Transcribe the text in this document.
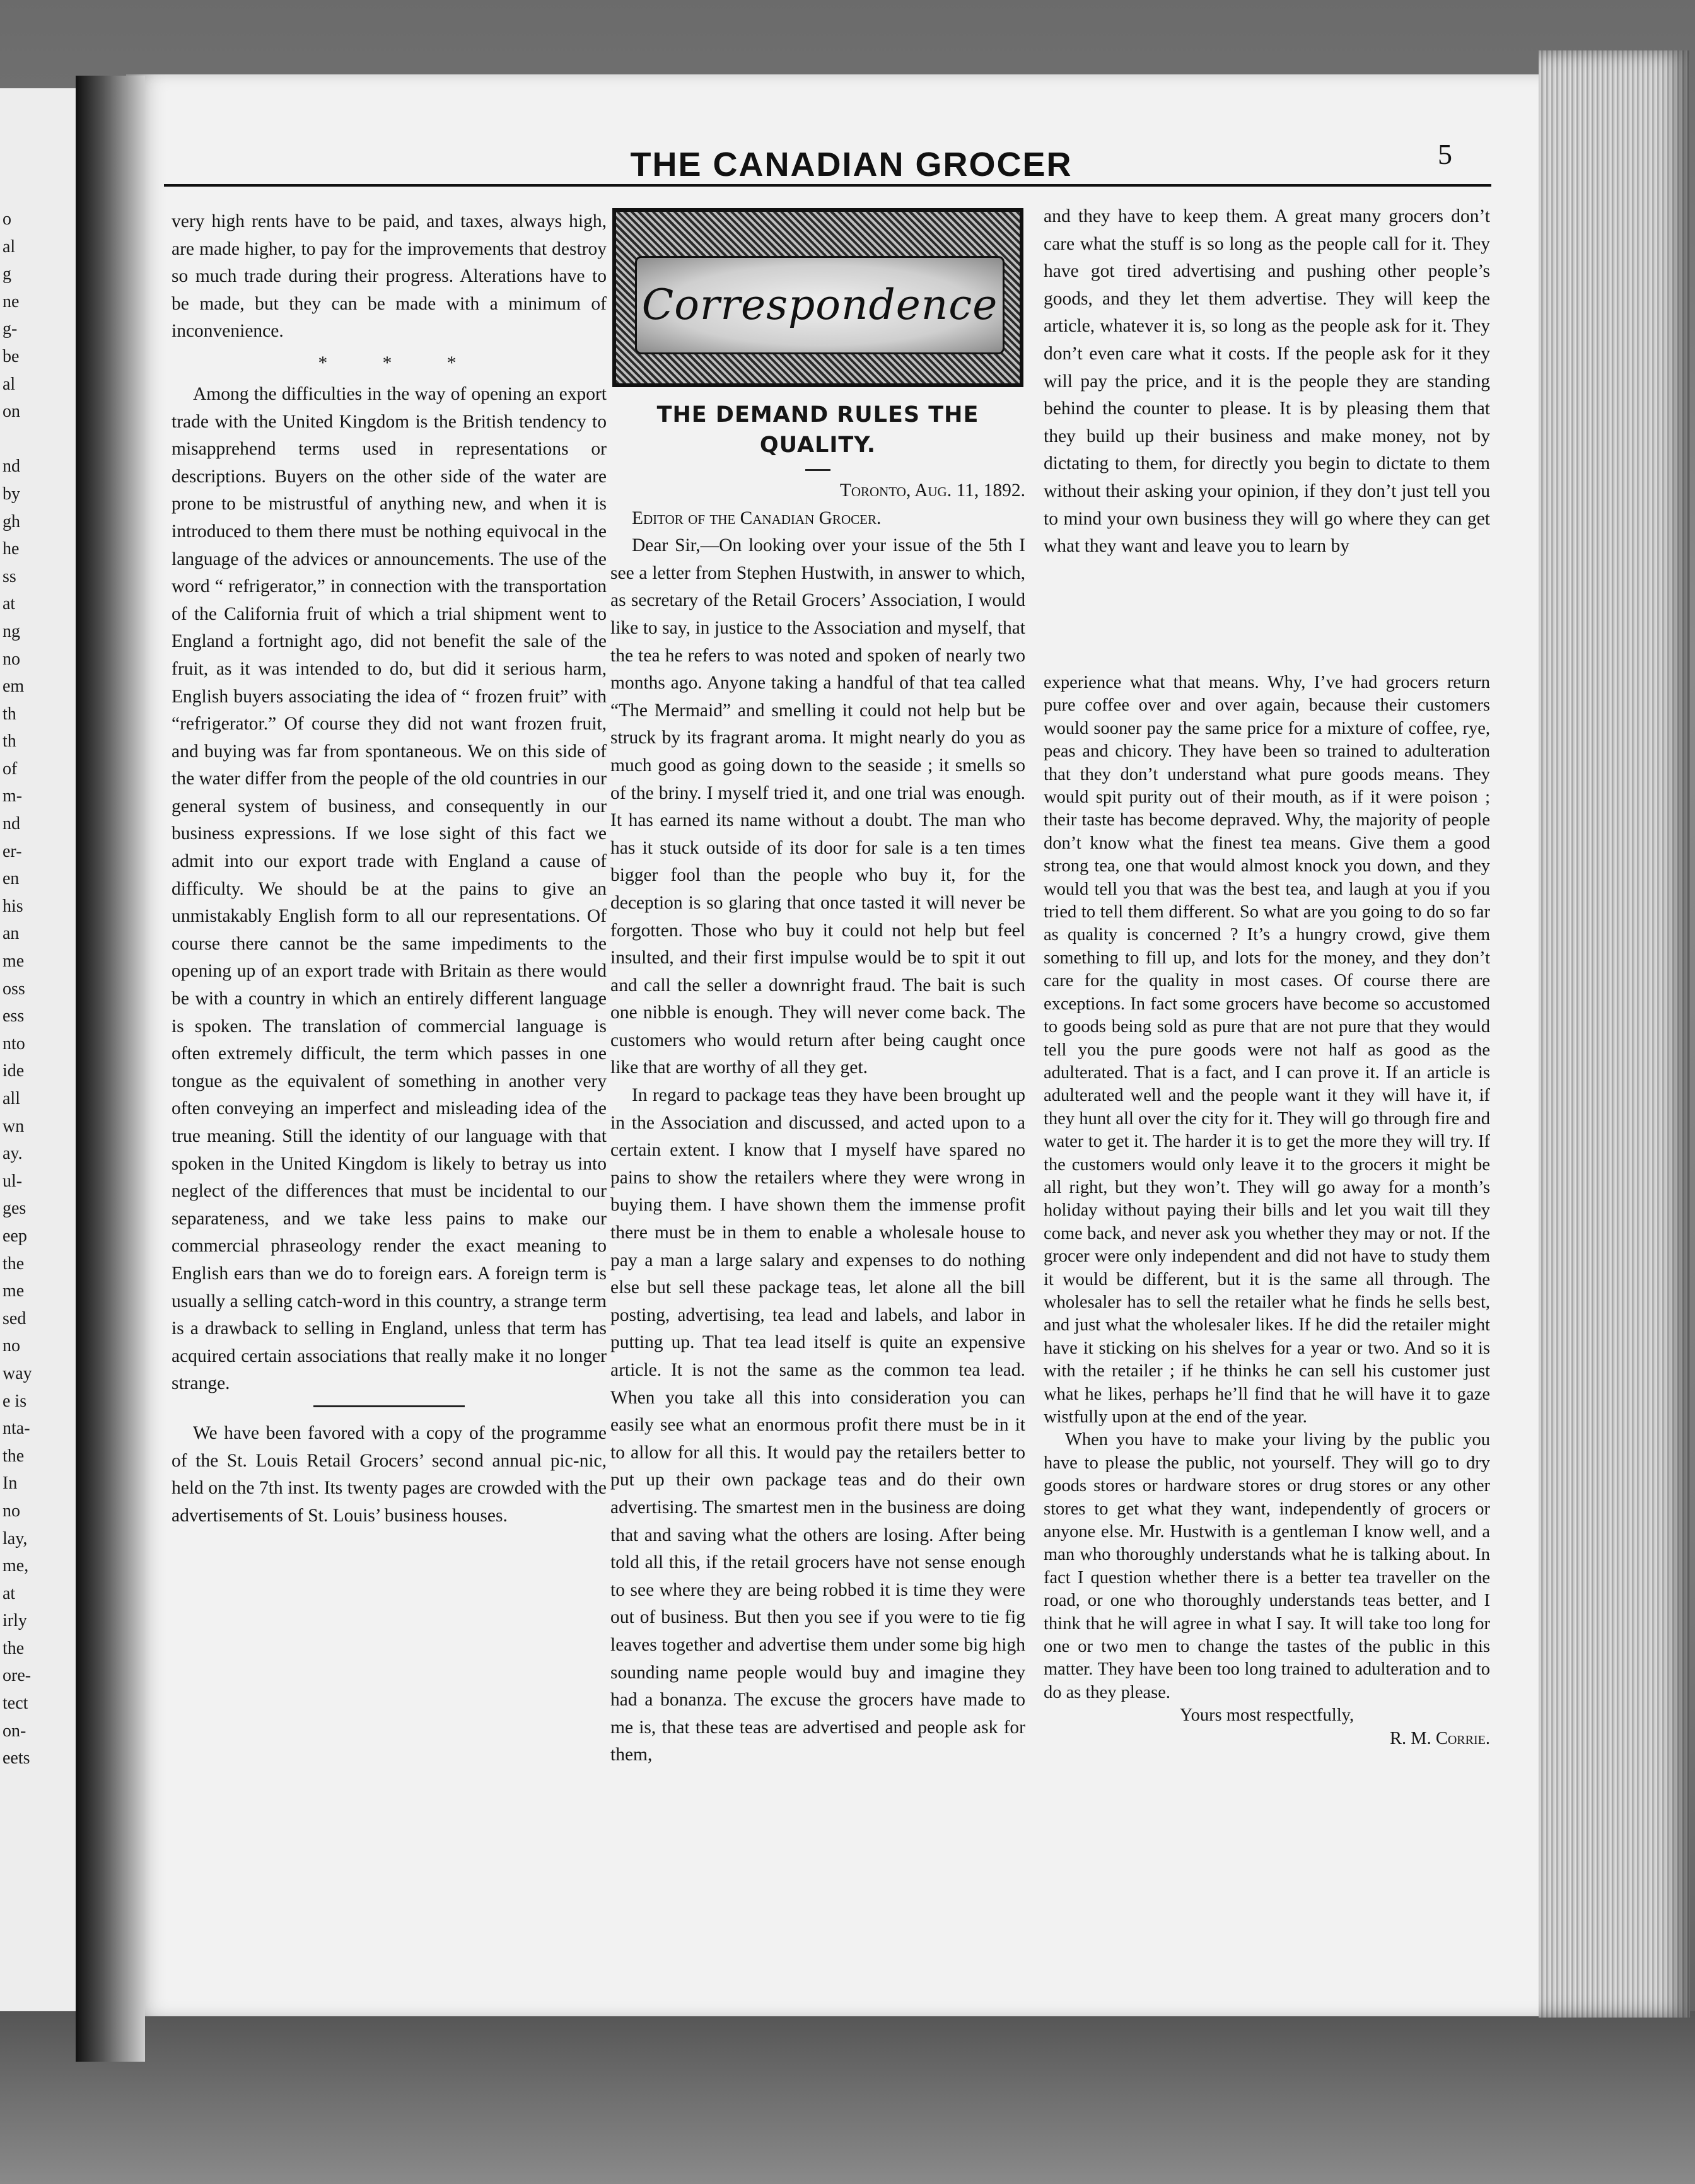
o
al
g
ne
g-
be
al
on

nd
by
gh
he
ss
at
ng
no
em
th
th
of
m-
nd
er-
en
his
an
me
oss
ess
nto
ide
all
wn
ay.
ul-
ges
eep
the
me
sed
no
way
e is
nta-
the
In
no
lay,
me,
at
irly
the
ore-
tect
on-
eets
THE CANADIAN GROCER	5

very high rents have to be paid, and taxes, always high, are made higher, to pay for the improvements that destroy so much trade during their progress. Alterations have to be made, but they can be made with a minimum of inconvenience.

* * *

Among the difficulties in the way of opening an export trade with the United Kingdom is the British tendency to misapprehend terms used in representations or descriptions. Buyers on the other side of the water are prone to be mistrustful of anything new, and when it is introduced to them there must be nothing equivocal in the language of the advices or announcements. The use of the word “ refrigerator,” in connection with the transportation of the California fruit of which a trial shipment went to England a fortnight ago, did not benefit the sale of the fruit, as it was intended to do, but did it serious harm, English buyers associating the idea of “ frozen fruit” with “refrigerator.” Of course they did not want frozen fruit, and buying was far from spontaneous. We on this side of the water differ from the people of the old countries in our general system of business, and consequently in our business expressions. If we lose sight of this fact we admit into our export trade with England a cause of difficulty. We should be at the pains to give an unmistakably English form to all our representations. Of course there cannot be the same impediments to the opening up of an export trade with Britain as there would be with a country in which an entirely different language is spoken. The translation of commercial language is often extremely difficult, the term which passes in one tongue as the equivalent of something in another very often conveying an imperfect and misleading idea of the true meaning. Still the identity of our language with that spoken in the United Kingdom is likely to betray us into neglect of the differences that must be incidental to our separateness, and we take less pains to make our commercial phraseology render the exact meaning to English ears than we do to foreign ears. A foreign term is usually a selling catch-word in this country, a strange term is a drawback to selling in England, unless that term has acquired certain associations that really make it no longer strange.

We have been favored with a copy of the programme of the St. Louis Retail Grocers’ second annual pic-nic, held on the 7th inst. Its twenty pages are crowded with the advertisements of St. Louis’ business houses.

Correspondence
THE DEMAND RULES THE
QUALITY.

Toronto, Aug. 11, 1892.

Editor of the Canadian Grocer.

Dear Sir,—On looking over your issue of the 5th I see a letter from Stephen Hustwith, in answer to which, as secretary of the Retail Grocers’ Association, I would like to say, in justice to the Association and myself, that the tea he refers to was noted and spoken of nearly two months ago. Anyone taking a handful of that tea called “The Mermaid” and smelling it could not help but be struck by its fragrant aroma. It might nearly do you as much good as going down to the seaside ; it smells so of the briny. I myself tried it, and one trial was enough. It has earned its name without a doubt. The man who has it stuck outside of its door for sale is a ten times bigger fool than the people who buy it, for the deception is so glaring that once tasted it will never be forgotten. Those who buy it could not help but feel insulted, and their first impulse would be to spit it out and call the seller a downright fraud. The bait is such one nibble is enough. They will never come back. The customers who would return after being caught once like that are worthy of all they get.

In regard to package teas they have been brought up in the Association and discussed, and acted upon to a certain extent. I know that I myself have spared no pains to show the retailers where they were wrong in buying them. I have shown them the immense profit there must be in them to enable a wholesale house to pay a man a large salary and expenses to do nothing else but sell these package teas, let alone all the bill posting, advertising, tea lead and labels, and labor in putting up. That tea lead itself is quite an expensive article. It is not the same as the common tea lead. When you take all this into consideration you can easily see what an enormous profit there must be in it to allow for all this. It would pay the retailers better to put up their own package teas and do their own advertising. The smartest men in the business are doing that and saving what the others are losing. After being told all this, if the retail grocers have not sense enough to see where they are being robbed it is time they were out of business. But then you see if you were to tie fig leaves together and advertise them under some big high sounding name people would buy and imagine they had a bonanza. The excuse the grocers have made to me is, that these teas are advertised and people ask for them,

and they have to keep them. A great many grocers don’t care what the stuff is so long as the people call for it. They have got tired advertising and pushing other people’s goods, and they let them advertise. They will keep the article, whatever it is, so long as the people ask for it. They don’t even care what it costs. If the people ask for it they will pay the price, and it is the people they are standing behind the counter to please. It is by pleasing them that they build up their business and make money, not by dictating to them, for directly you begin to dictate to them without their asking your opinion, if they don’t just tell you to mind your own business they will go where they can get what they want and leave you to learn by

experience what that means. Why, I’ve had grocers return pure coffee over and over again, because their customers would sooner pay the same price for a mixture of coffee, rye, peas and chicory. They have been so trained to adulteration that they don’t understand what pure goods means. They would spit purity out of their mouth, as if it were poison ; their taste has become depraved. Why, the majority of people don’t know what the finest tea means. Give them a good strong tea, one that would almost knock you down, and they would tell you that was the best tea, and laugh at you if you tried to tell them different. So what are you going to do so far as quality is concerned ? It’s a hungry crowd, give them something to fill up, and lots for the money, and they don’t care for the quality in most cases. Of course there are exceptions. In fact some grocers have become so accustomed to goods being sold as pure that are not pure that they would tell you the pure goods were not half as good as the adulterated. That is a fact, and I can prove it. If an article is adulterated well and the people want it they will have it, if they hunt all over the city for it. They will go through fire and water to get it. The harder it is to get the more they will try. If the customers would only leave it to the grocers it might be all right, but they won’t. They will go away for a month’s holiday without paying their bills and let you wait till they come back, and never ask you whether they may or not. If the grocer were only independent and did not have to study them it would be different, but it is the same all through. The wholesaler has to sell the retailer what he finds he sells best, and just what the wholesaler likes. If he did the retailer might have it sticking on his shelves for a year or two. And so it is with the retailer ; if he thinks he can sell his customer just what he likes, perhaps he’ll find that he will have it to gaze wistfully upon at the end of the year.

When you have to make your living by the public you have to please the public, not yourself. They will go to dry goods stores or hardware stores or drug stores or any other stores to get what they want, independently of grocers or anyone else. Mr. Hustwith is a gentleman I know well, and a man who thoroughly understands what he is talking about. In fact I question whether there is a better tea traveller on the road, or one who thoroughly understands teas better, and I think that he will agree in what I say. It will take too long for one or two men to change the tastes of the public in this matter. They have been too long trained to adulteration and to do as they please.

Yours most respectfully,

R. M. Corrie.
